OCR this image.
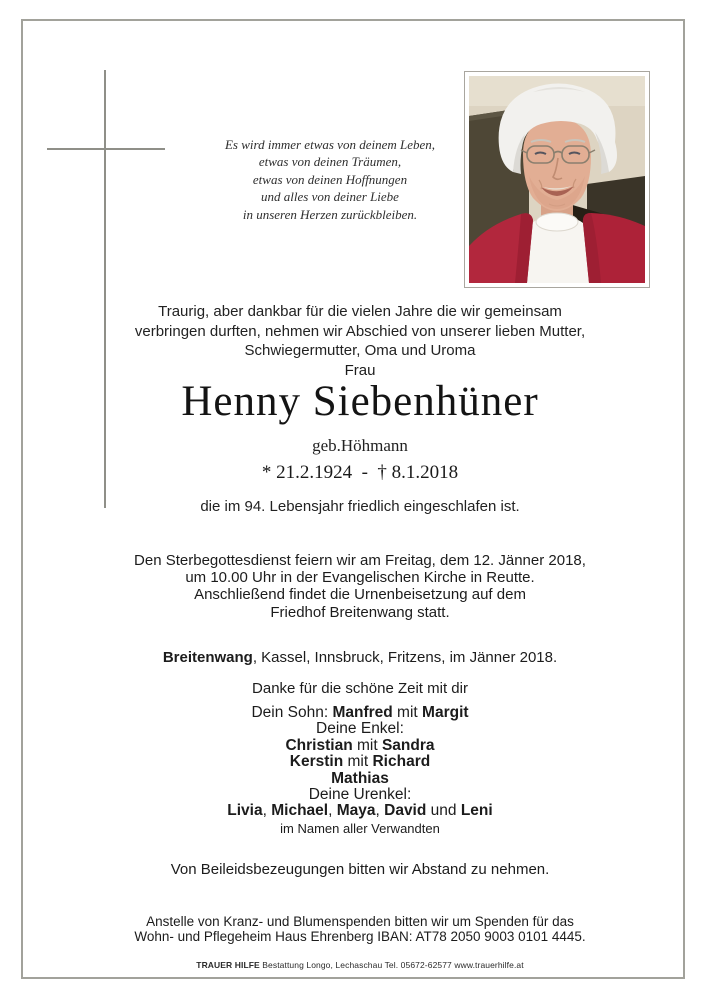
Es wird immer etwas von deinem Leben,
etwas von deinen Träumen,
etwas von deinen Hoffnungen
und alles von deiner Liebe
in unseren Herzen zurückbleiben.
Traurig, aber dankbar für die vielen Jahre die wir gemeinsam
verbringen durften, nehmen wir Abschied von unserer lieben Mutter,
Schwiegermutter, Oma und Uroma
Frau
Henny Siebenhüner
geb.Höhmann
* 21.2.1924  -  † 8.1.2018
die im 94. Lebensjahr friedlich eingeschlafen ist.
Den Sterbegottesdienst feiern wir am Freitag, dem 12. Jänner 2018,
um 10.00 Uhr in der Evangelischen Kirche in Reutte.
Anschließend findet die Urnenbeisetzung auf dem
Friedhof Breitenwang statt.
Breitenwang, Kassel, Innsbruck, Fritzens, im Jänner 2018.
Danke für die schöne Zeit mit dir
Dein Sohn: Manfred mit Margit
Deine Enkel:
Christian mit Sandra
Kerstin mit Richard
Mathias
Deine Urenkel:
Livia, Michael, Maya, David und Leni
im Namen aller Verwandten
Von Beileidsbezeugungen bitten wir Abstand zu nehmen.
Anstelle von Kranz- und Blumenspenden bitten wir um Spenden für das
Wohn- und Pflegeheim Haus Ehrenberg IBAN: AT78 2050 9003 0101 4445.
TRAUER HILFE Bestattung Longo, Lechaschau Tel. 05672-62577 www.trauerhilfe.at
